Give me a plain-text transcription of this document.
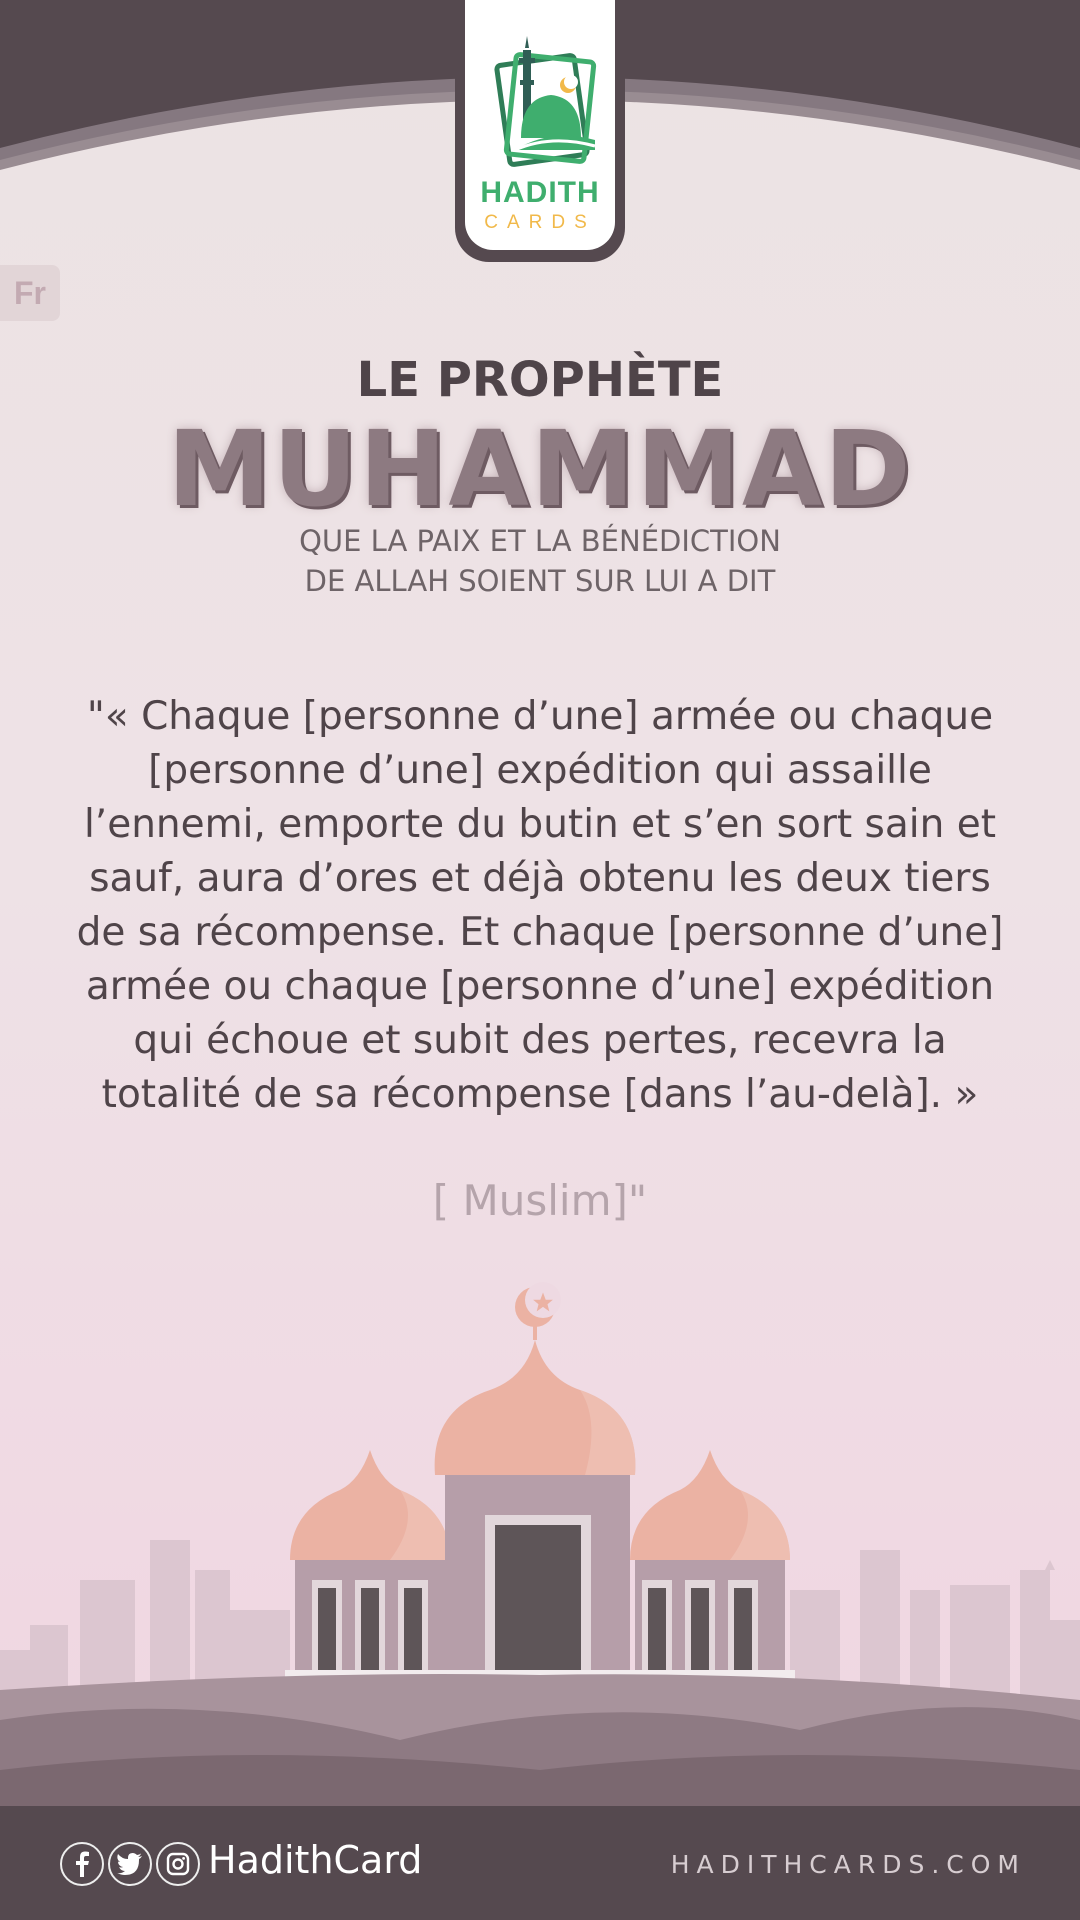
HADITH
CARDS
Fr
LE PROPHÈTE
MUHAMMAD
QUE LA PAIX ET LA BÉNÉDICTION
DE ALLAH SOIENT SUR LUI A DIT
"« Chaque [personne d’une] armée ou chaque [personne d’une] expédition qui assaille l’ennemi, emporte du butin et s’en sort sain et sauf, aura d’ores et déjà obtenu les deux tiers de sa récompense. Et chaque [personne d’une] armée ou chaque [personne d’une] expédition qui échoue et subit des pertes, recevra la totalité de sa récompense [dans l’au-delà]. »
[ Muslim]"
HadithCard	HADITHCARDS.COM
